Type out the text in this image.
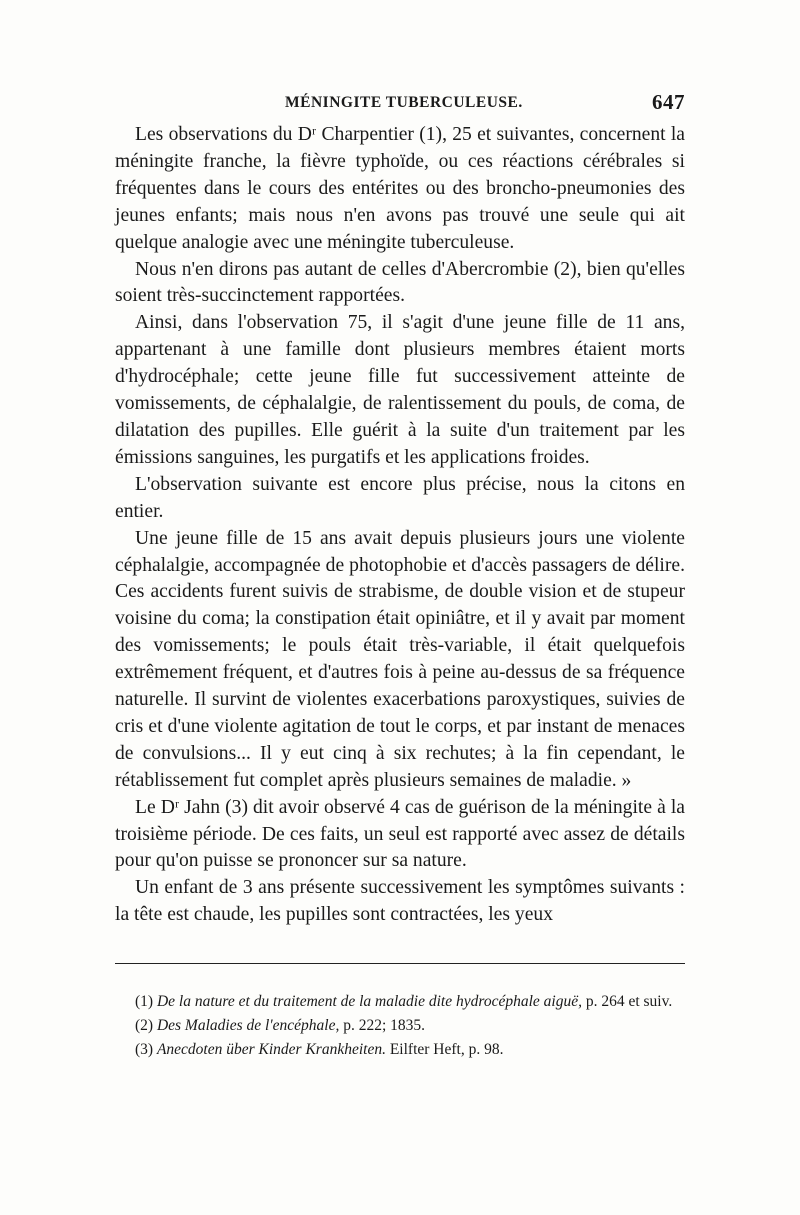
MÉNINGITE TUBERCULEUSE.	647

Les observations du Dʳ Charpentier (1), 25 et suivantes, concernent la méningite franche, la fièvre typhoïde, ou ces réactions cérébrales si fréquentes dans le cours des entérites ou des broncho-pneumonies des jeunes enfants; mais nous n'en avons pas trouvé une seule qui ait quelque analogie avec une méningite tuberculeuse.

Nous n'en dirons pas autant de celles d'Abercrombie (2), bien qu'elles soient très-succinctement rapportées.

Ainsi, dans l'observation 75, il s'agit d'une jeune fille de 11 ans, appartenant à une famille dont plusieurs membres étaient morts d'hydrocéphale; cette jeune fille fut successivement atteinte de vomissements, de céphalalgie, de ralentissement du pouls, de coma, de dilatation des pupilles. Elle guérit à la suite d'un traitement par les émissions sanguines, les purgatifs et les applications froides.

L'observation suivante est encore plus précise, nous la citons en entier.

Une jeune fille de 15 ans avait depuis plusieurs jours une violente céphalalgie, accompagnée de photophobie et d'accès passagers de délire. Ces accidents furent suivis de strabisme, de double vision et de stupeur voisine du coma; la constipation était opiniâtre, et il y avait par moment des vomissements; le pouls était très-variable, il était quelquefois extrêmement fréquent, et d'autres fois à peine au-dessus de sa fréquence naturelle. Il survint de violentes exacerbations paroxystiques, suivies de cris et d'une violente agitation de tout le corps, et par instant de menaces de convulsions... Il y eut cinq à six rechutes; à la fin cependant, le rétablissement fut complet après plusieurs semaines de maladie. »

Le Dʳ Jahn (3) dit avoir observé 4 cas de guérison de la méningite à la troisième période. De ces faits, un seul est rapporté avec assez de détails pour qu'on puisse se prononcer sur sa nature.

Un enfant de 3 ans présente successivement les symptômes suivants : la tête est chaude, les pupilles sont contractées, les yeux

(1) De la nature et du traitement de la maladie dite hydrocéphale aiguë, p. 264 et suiv.
(2) Des Maladies de l'encéphale, p. 222; 1835.
(3) Anecdoten über Kinder Krankheiten. Eilfter Heft, p. 98.
